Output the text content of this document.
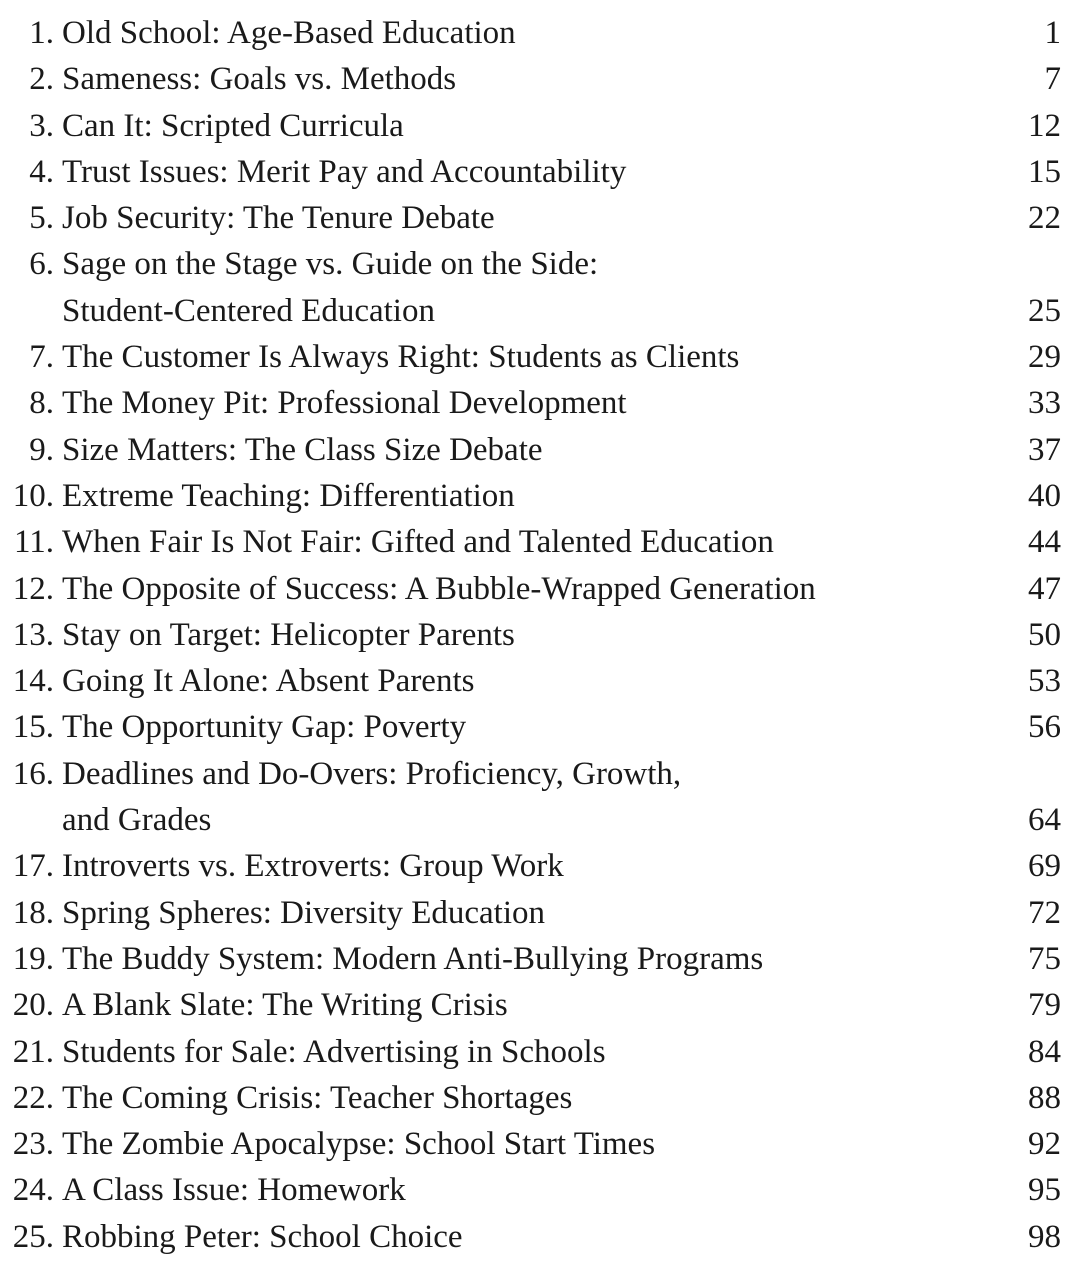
1. Old School: Age-Based Education	1
2. Sameness: Goals vs. Methods	7
3. Can It: Scripted Curricula	12
4. Trust Issues: Merit Pay and Accountability	15
5. Job Security: The Tenure Debate	22
6. Sage on the Stage vs. Guide on the Side:
Student-Centered Education	25
7. The Customer Is Always Right: Students as Clients	29
8. The Money Pit: Professional Development	33
9. Size Matters: The Class Size Debate	37
10. Extreme Teaching: Differentiation	40
11. When Fair Is Not Fair: Gifted and Talented Education	44
12. The Opposite of Success: A Bubble-Wrapped Generation	47
13. Stay on Target: Helicopter Parents	50
14. Going It Alone: Absent Parents	53
15. The Opportunity Gap: Poverty	56
16. Deadlines and Do-Overs: Proficiency, Growth,
and Grades	64
17. Introverts vs. Extroverts: Group Work	69
18. Spring Spheres: Diversity Education	72
19. The Buddy System: Modern Anti-Bullying Programs	75
20. A Blank Slate: The Writing Crisis	79
21. Students for Sale: Advertising in Schools	84
22. The Coming Crisis: Teacher Shortages	88
23. The Zombie Apocalypse: School Start Times	92
24. A Class Issue: Homework	95
25. Robbing Peter: School Choice	98
